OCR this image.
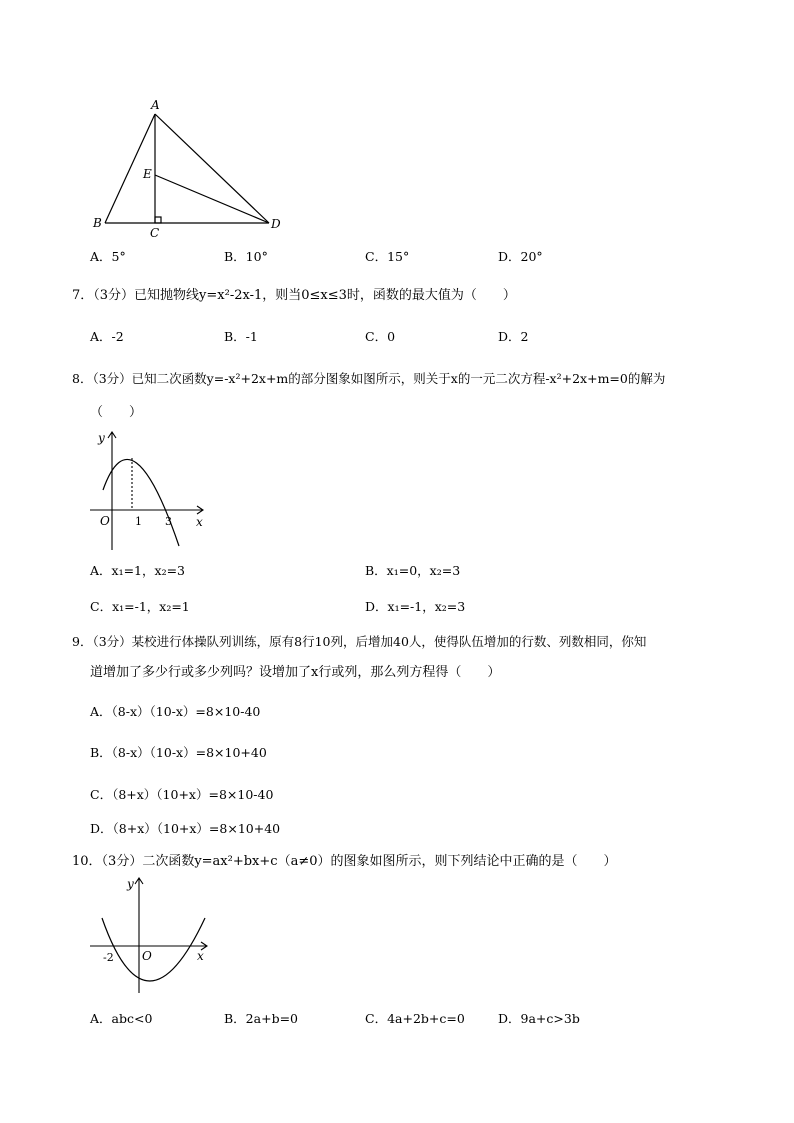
A
E
B
C
D
A．5°	B．10°	C．15°	D．20°
7．（3分）已知抛物线y=x²-2x-1，则当0≤x≤3时，函数的最大值为（　　）
A．-2	B．-1	C．0	D．2
8．（3分）已知二次函数y=-x²+2x+m的部分图象如图所示，则关于x的一元二次方程-x²+2x+m=0的解为
（　　）
y
x
O 1 3
A．x₁=1，x₂=3	B．x₁=0，x₂=3
C．x₁=-1，x₂=1	D．x₁=-1，x₂=3
9．（3分）某校进行体操队列训练，原有8行10列，后增加40人，使得队伍增加的行数、列数相同，你知
道增加了多少行或多少列吗？设增加了x行或列，那么列方程得（　　）
A．（8-x）（10-x）=8×10-40
B．（8-x）（10-x）=8×10+40
C．（8+x）（10+x）=8×10-40
D．（8+x）（10+x）=8×10+40
10．（3分）二次函数y=ax²+bx+c（a≠0）的图象如图所示，则下列结论中正确的是（　　）
y
x
O
-2
A．abc<0	B．2a+b=0	C．4a+2b+c=0	D．9a+c>3b
